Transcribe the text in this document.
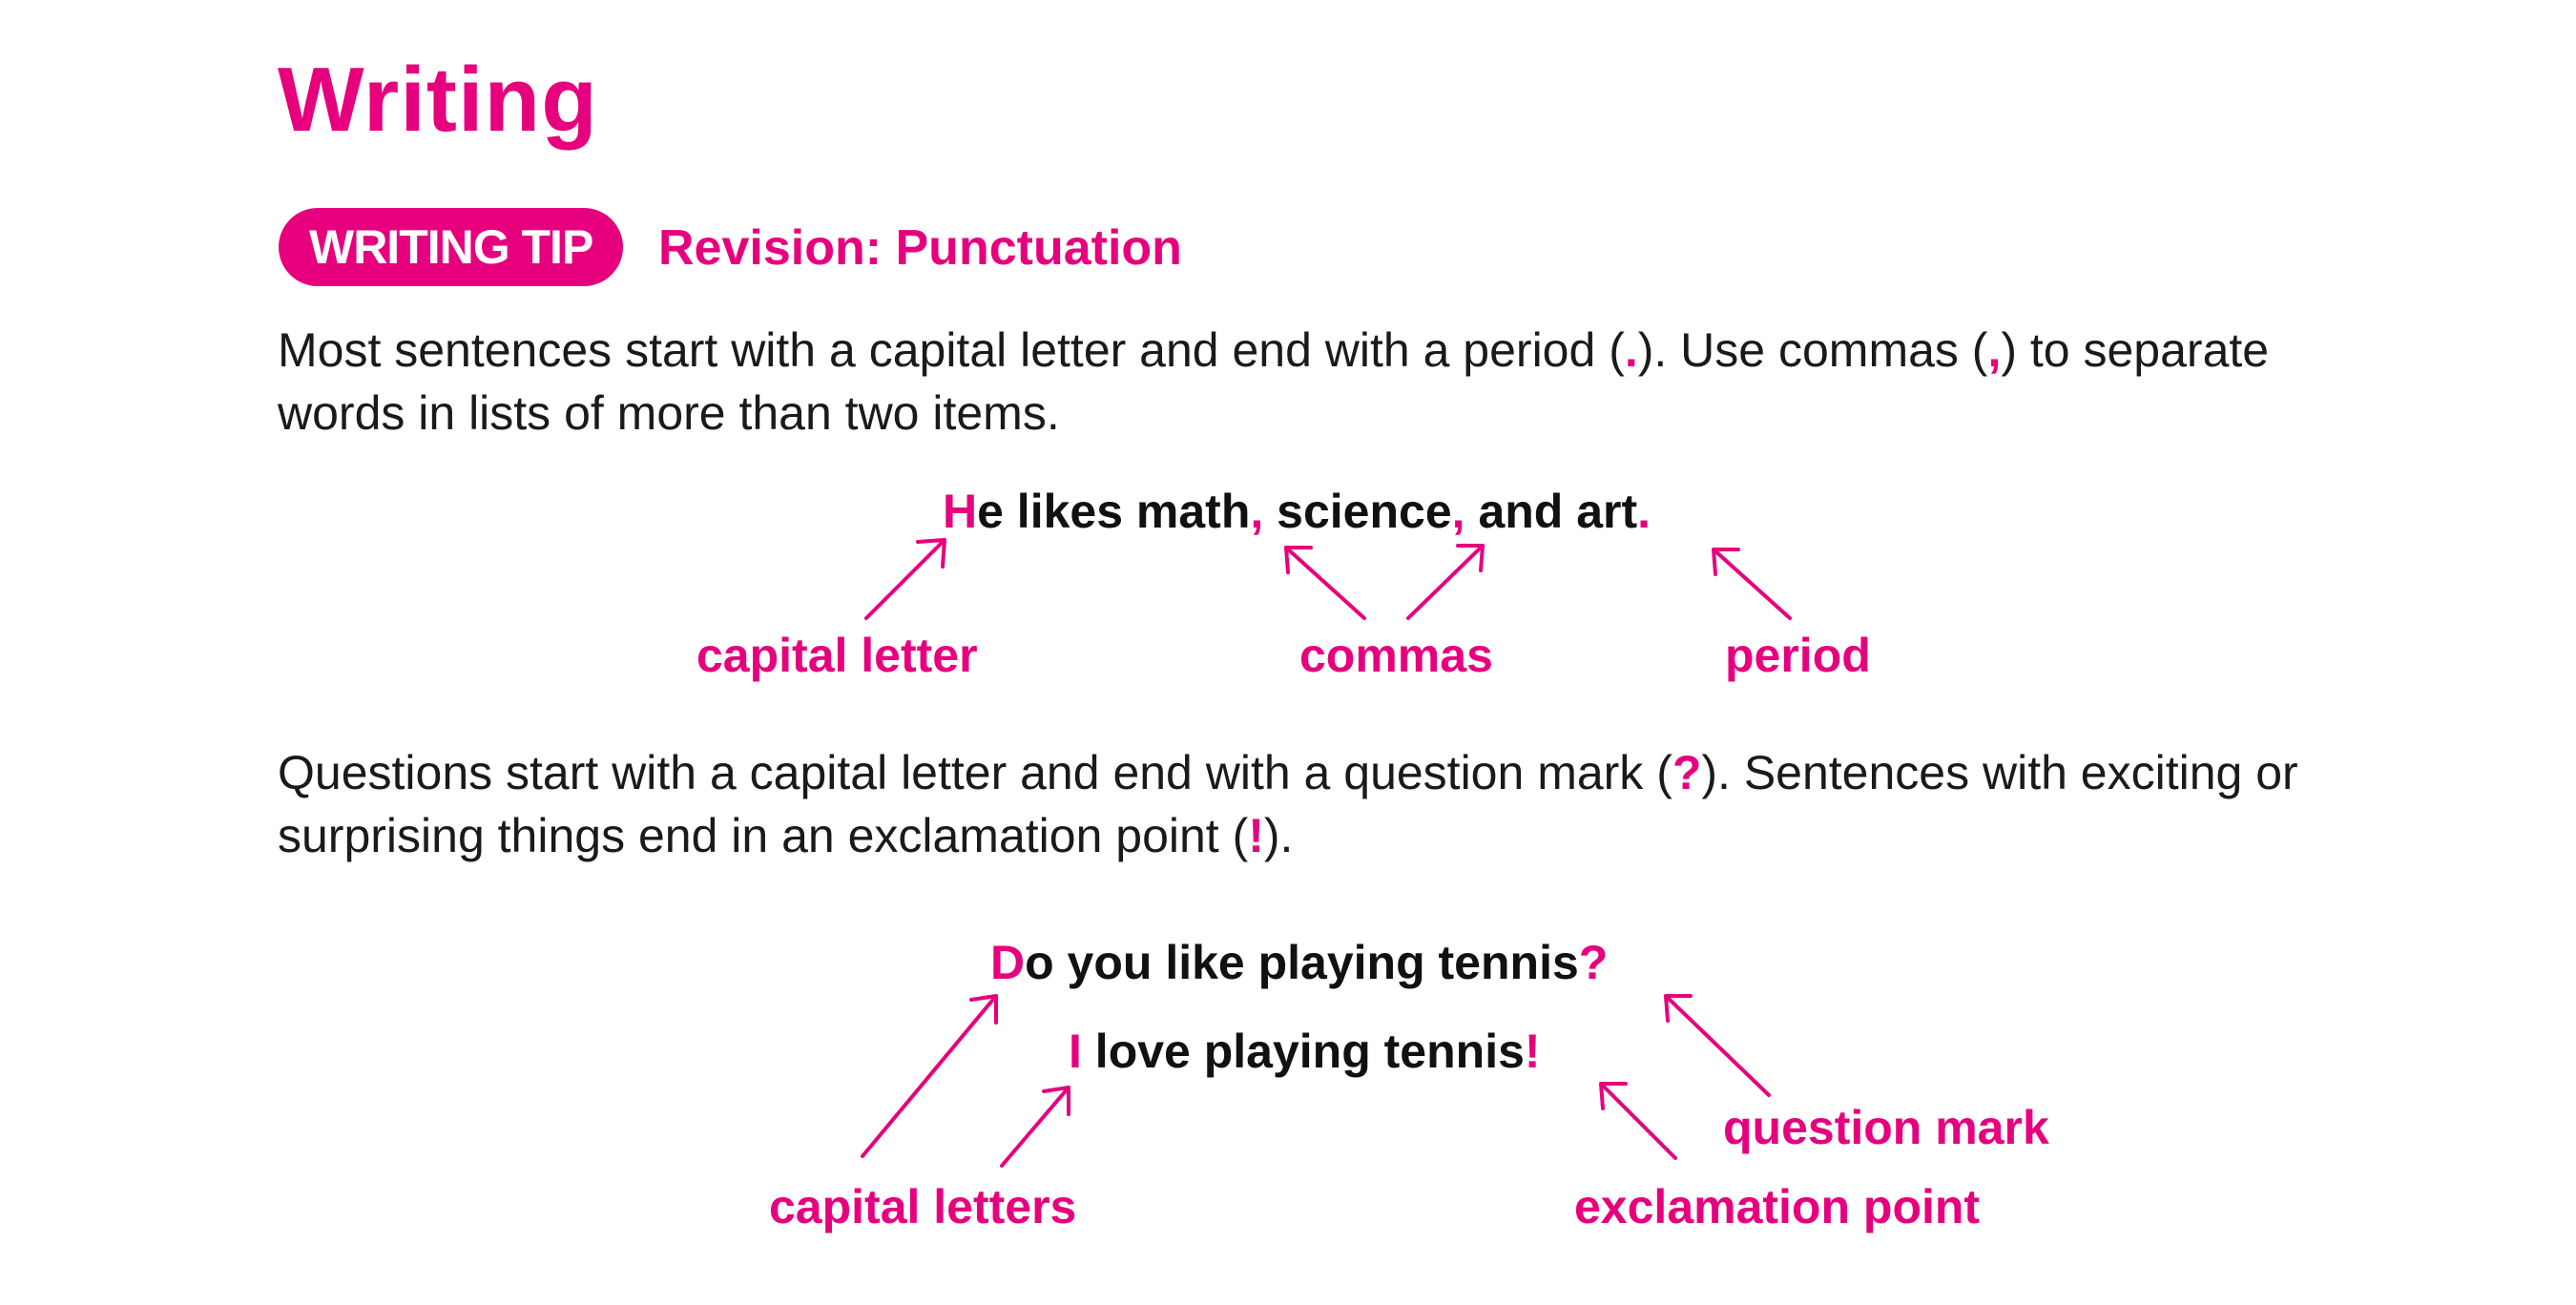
Writing
WRITING TIP	Revision: Punctuation
Most sentences start with a capital letter and end with a period (.). Use commas (,) to separate words in lists of more than two items.
He likes math, science, and art.
capital letter	commas	period
Questions start with a capital letter and end with a question mark (?). Sentences with exciting or surprising things end in an exclamation point (!).
Do you like playing tennis?
I love playing tennis!
capital letters	exclamation point
question mark
